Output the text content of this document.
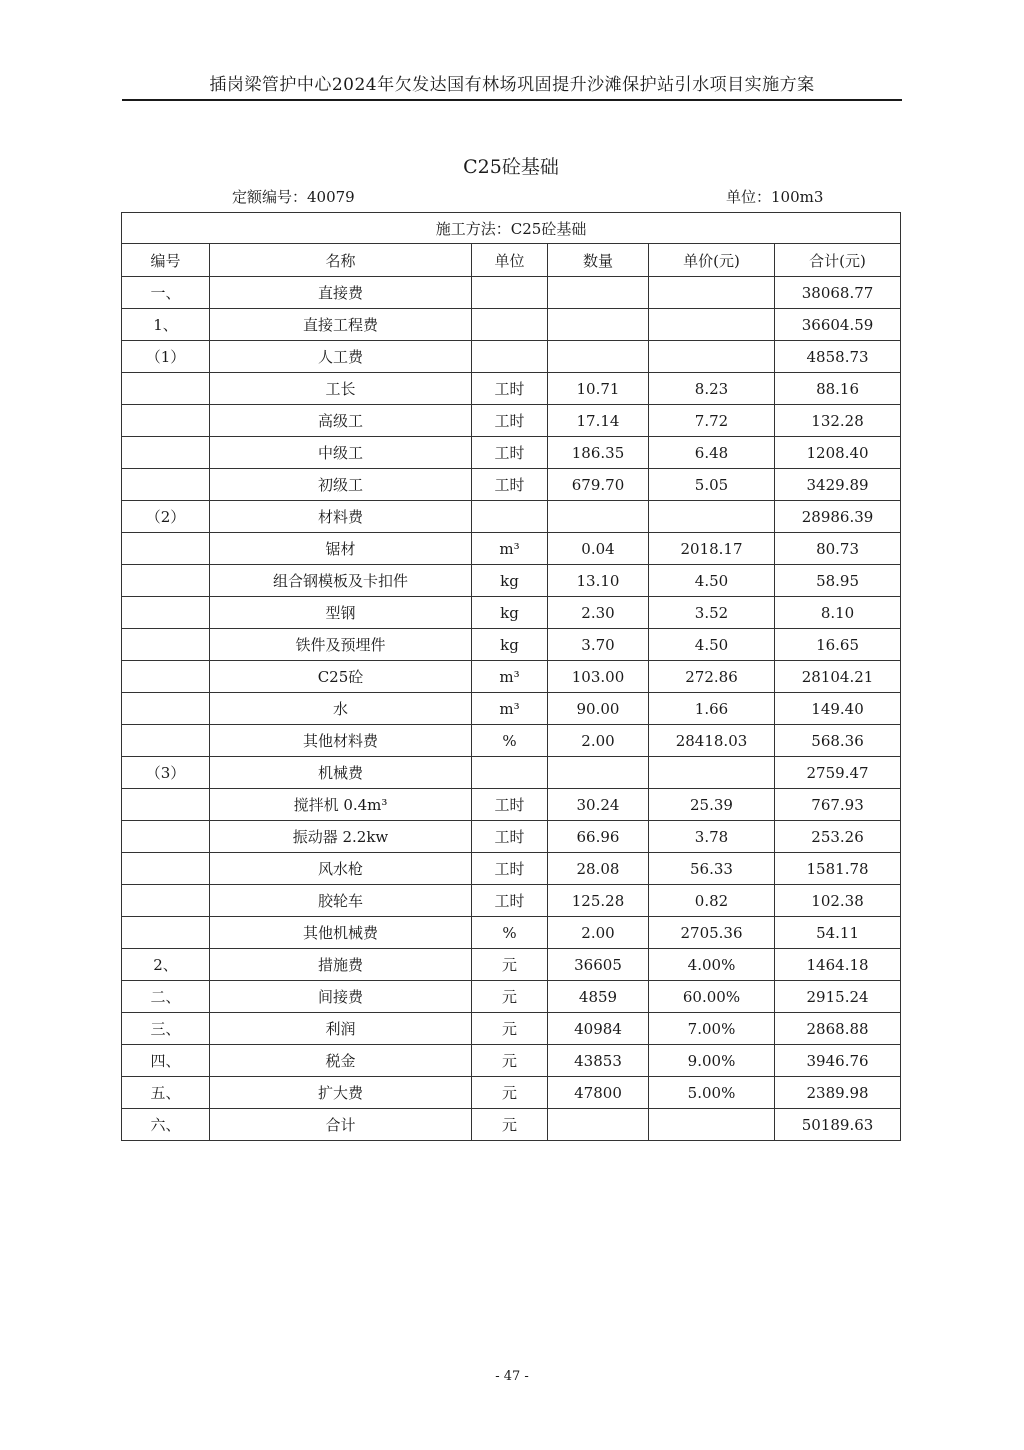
插岗梁管护中心2024年欠发达国有林场巩固提升沙滩保护站引水项目实施方案
C25砼基础
定额编号：40079	单位：100m3
施工方法：C25砼基础					
编号	名称	单位	数量	单价(元)	合计(元)
一、	直接费				38068.77
1、	直接工程费				36604.59
（1）	人工费				4858.73
	工长	工时	10.71	8.23	88.16
	高级工	工时	17.14	7.72	132.28
	中级工	工时	186.35	6.48	1208.40
	初级工	工时	679.70	5.05	3429.89
（2）	材料费				28986.39
	锯材	m³	0.04	2018.17	80.73
	组合钢模板及卡扣件	kg	13.10	4.50	58.95
	型钢	kg	2.30	3.52	8.10
	铁件及预埋件	kg	3.70	4.50	16.65
	C25砼	m³	103.00	272.86	28104.21
	水	m³	90.00	1.66	149.40
	其他材料费	%	2.00	28418.03	568.36
（3）	机械费				2759.47
	搅拌机 0.4m³	工时	30.24	25.39	767.93
	振动器 2.2kw	工时	66.96	3.78	253.26
	风水枪	工时	28.08	56.33	1581.78
	胶轮车	工时	125.28	0.82	102.38
	其他机械费	%	2.00	2705.36	54.11
2、	措施费	元	36605	4.00%	1464.18
二、	间接费	元	4859	60.00%	2915.24
三、	利润	元	40984	7.00%	2868.88
四、	税金	元	43853	9.00%	3946.76
五、	扩大费	元	47800	5.00%	2389.98
六、	合计	元			50189.63
- 47 -
